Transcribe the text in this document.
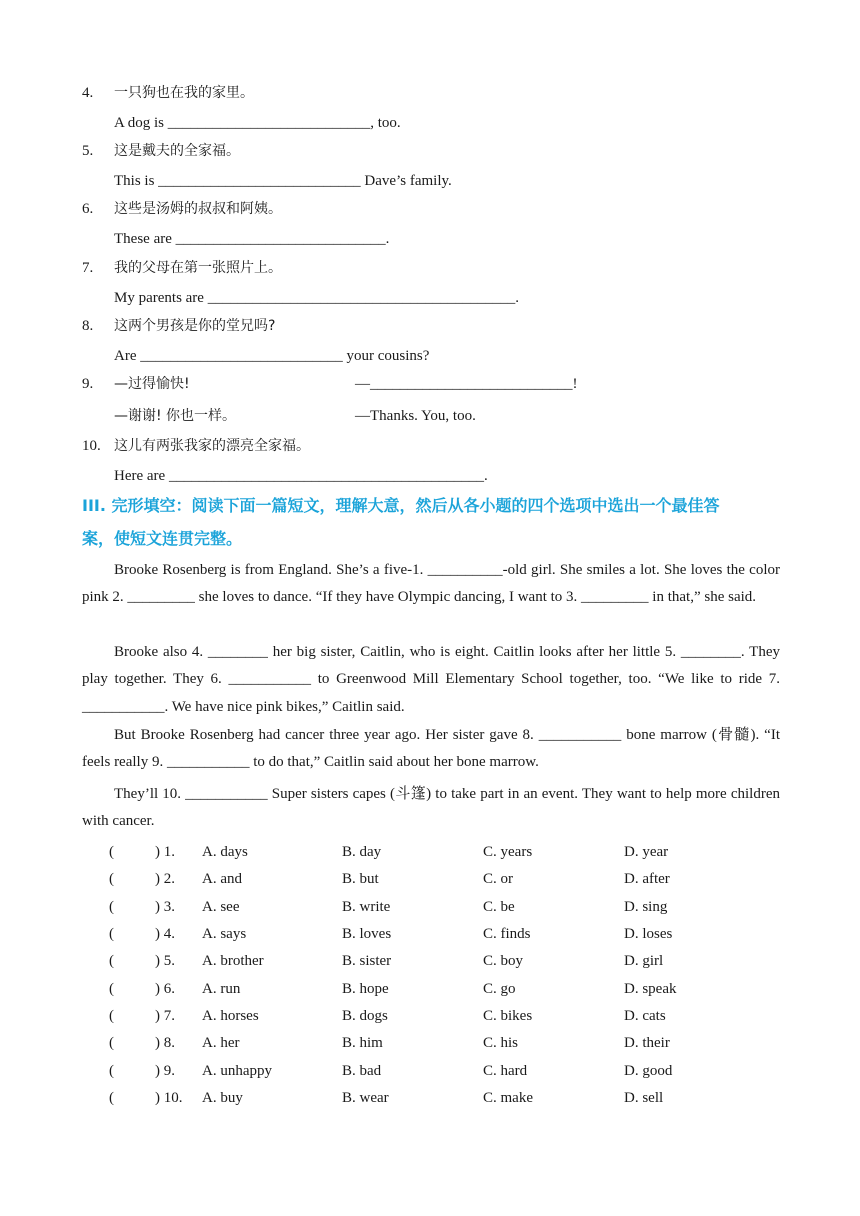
4. 一只狗也在我的家里。
A dog is ___________________________, too.
5. 这是戴夫的全家福。
This is ___________________________ Dave’s family.
6. 这些是汤姆的叔叔和阿姨。
These are ____________________________.
7. 我的父母在第一张照片上。
My parents are _________________________________________.
8. 这两个男孩是你的堂兄吗?
Are ___________________________ your cousins?
9. —过得愉快!	—___________________________!
—谢谢! 你也一样。	—Thanks. You, too.
10. 这儿有两张我家的漂亮全家福。
Here are __________________________________________.
III. 完形填空：阅读下面一篇短文，理解大意，然后从各小题的四个选项中选出一个最佳答
案，使短文连贯完整。
Brooke Rosenberg is from England. She’s a five-1. __________-old girl. She smiles a lot. She loves the color pink 2. _________ she loves to dance. “If they have Olympic dancing, I want to 3. _________ in that,” she said.
Brooke also 4. ________ her big sister, Caitlin, who is eight. Caitlin looks after her little 5. ________. They play together. They 6. ___________ to Greenwood Mill Elementary School together, too. “We like to ride 7. ___________. We have nice pink bikes,” Caitlin said.
But Brooke Rosenberg had cancer three year ago. Her sister gave 8. ___________ bone marrow (骨髓). “It feels really 9. ___________ to do that,” Caitlin said about her bone marrow.
They’ll 10. ___________ Super sisters capes (斗篷) to take part in an event. They want to help more children with cancer.
(	) 1. A. days	B. day	C. years	D. year
(	) 2. A. and	B. but	C. or	D. after
(	) 3. A. see	B. write	C. be	D. sing
(	) 4. A. says	B. loves	C. finds	D. loses
(	) 5. A. brother	B. sister	C. boy	D. girl
(	) 6. A. run	B. hope	C. go	D. speak
(	) 7. A. horses	B. dogs	C. bikes	D. cats
(	) 8. A. her	B. him	C. his	D. their
(	) 9. A. unhappy	B. bad	C. hard	D. good
(	) 10. A. buy	B. wear	C. make	D. sell
